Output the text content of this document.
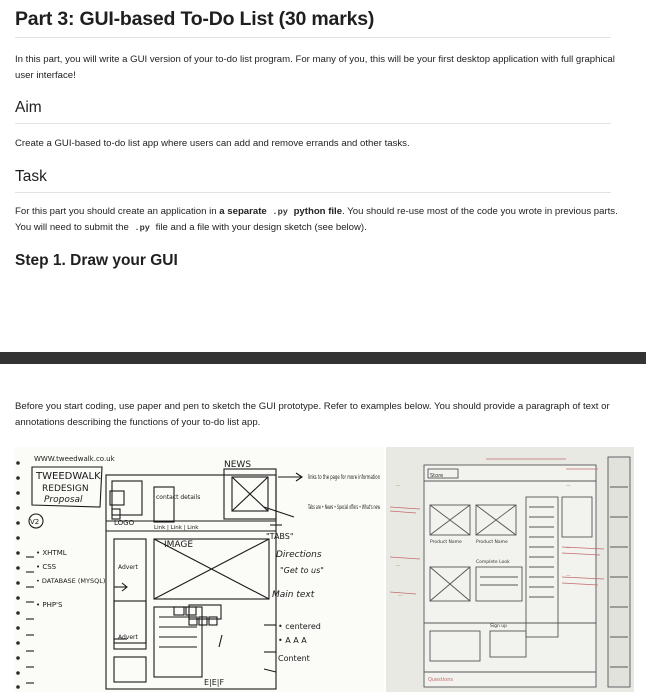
Part 3: GUI-based To-Do List (30 marks)

In this part, you will write a GUI version of your to-do list program. For many of you, this will be your first desktop application with full graphical user interface!

Aim

Create a GUI-based to-do list app where users can add and remove errands and other tasks.

Task

For this part you should create an application in a separate .py python file. You should re-use most of the code you wrote in previous parts. You will need to submit the .py file and a file with your design sketch (see below).

Step 1. Draw your GUI

Before you start coding, use paper and pen to sketch the GUI prototype. Refer to examples below. You should provide a paragraph of text or annotations describing the functions of your to-do list app.

WWW.tweedwalk.co.uk
TWEEDWALK
REDESIGN
Proposal
V2
NEWS
contact details
LOGO
Link | Link | Link
IMAGE
Advert
Advert
• XHTML
• CSS
• DATABASE (MYSQL)
• PHP'S
links to the page for more information
Tabs are • News • Special offers • What's new
"TABS"
Directions
"Get to us"
Main text
• centered
• A A A
Content
E|E|F
—
—
—
—
—
—
Store
Product Name	Product Name
Complete Look
Sign up
Questions
